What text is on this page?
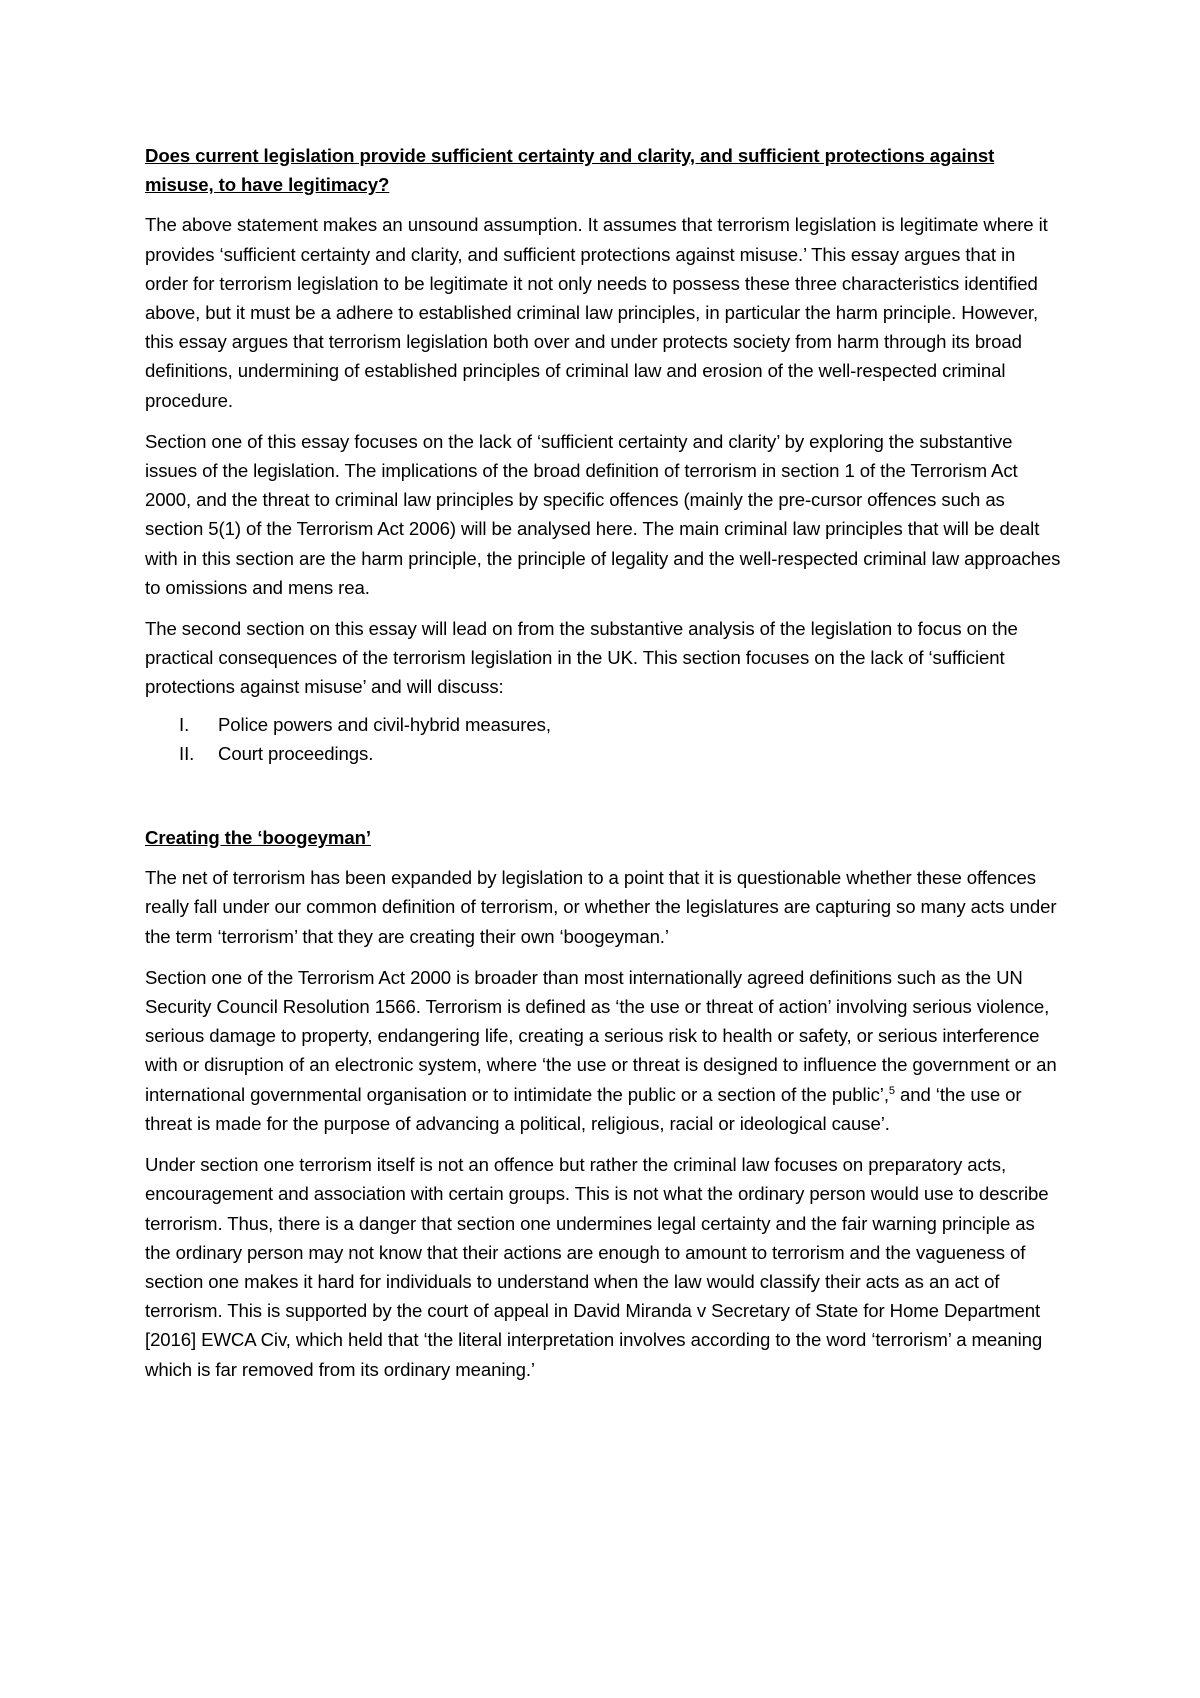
Does current legislation provide sufficient certainty and clarity, and sufficient protections against misuse, to have legitimacy?

The above statement makes an unsound assumption. It assumes that terrorism legislation is legitimate where it provides ‘sufficient certainty and clarity, and sufficient protections against misuse.’ This essay argues that in order for terrorism legislation to be legitimate it not only needs to possess these three characteristics identified above, but it must be a adhere to established criminal law principles, in particular the harm principle. However, this essay argues that terrorism legislation both over and under protects society from harm through its broad definitions, undermining of established principles of criminal law and erosion of the well-respected criminal procedure.

Section one of this essay focuses on the lack of ‘sufficient certainty and clarity’ by exploring the substantive issues of the legislation. The implications of the broad definition of terrorism in section 1 of the Terrorism Act 2000, and the threat to criminal law principles by specific offences (mainly the pre-cursor offences such as section 5(1) of the Terrorism Act 2006) will be analysed here. The main criminal law principles that will be dealt with in this section are the harm principle, the principle of legality and the well-respected criminal law approaches to omissions and mens rea.

The second section on this essay will lead on from the substantive analysis of the legislation to focus on the practical consequences of the terrorism legislation in the UK. This section focuses on the lack of ‘sufficient protections against misuse’ and will discuss:

I. Police powers and civil-hybrid measures,
II. Court proceedings.

Creating the ‘boogeyman’

The net of terrorism has been expanded by legislation to a point that it is questionable whether these offences really fall under our common definition of terrorism, or whether the legislatures are capturing so many acts under the term ‘terrorism’ that they are creating their own ‘boogeyman.’

Section one of the Terrorism Act 2000 is broader than most internationally agreed definitions such as the UN Security Council Resolution 1566. Terrorism is defined as ‘the use or threat of action’ involving serious violence, serious damage to property, endangering life, creating a serious risk to health or safety, or serious interference with or disruption of an electronic system, where ‘the use or threat is designed to influence the government or an international governmental organisation or to intimidate the public or a section of the public’,$^5$ and ‘the use or threat is made for the purpose of advancing a political, religious, racial or ideological cause’.

Under section one terrorism itself is not an offence but rather the criminal law focuses on preparatory acts, encouragement and association with certain groups. This is not what the ordinary person would use to describe terrorism. Thus, there is a danger that section one undermines legal certainty and the fair warning principle as the ordinary person may not know that their actions are enough to amount to terrorism and the vagueness of section one makes it hard for individuals to understand when the law would classify their acts as an act of terrorism. This is supported by the court of appeal in David Miranda v Secretary of State for Home Department [2016] EWCA Civ, which held that ‘the literal interpretation involves according to the word ‘terrorism’ a meaning which is far removed from its ordinary meaning.’
